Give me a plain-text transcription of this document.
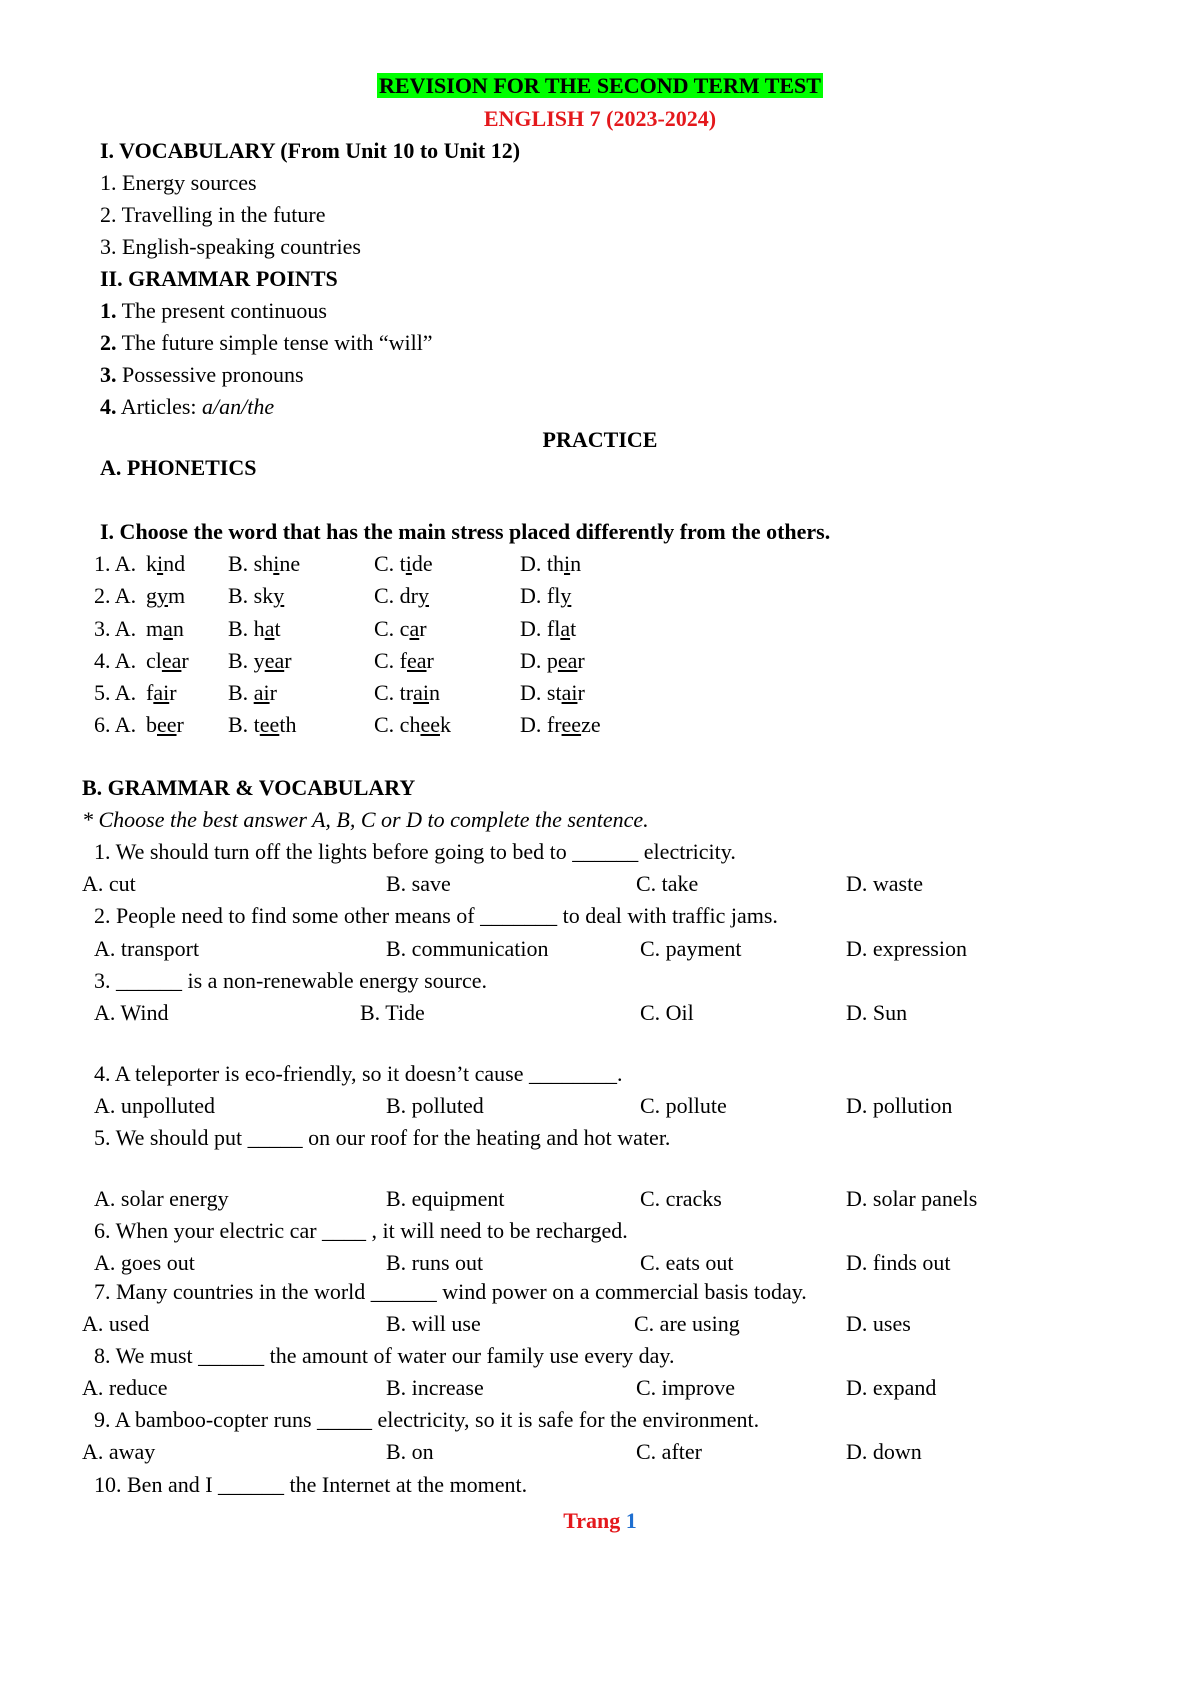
REVISION FOR THE SECOND TERM TEST
ENGLISH 7 (2023-2024)
I. VOCABULARY (From Unit 10 to Unit 12)
1. Energy sources
2. Travelling in the future
3. English-speaking countries
II. GRAMMAR POINTS
1. The present continuous
2. The future simple tense with “will”
3. Possessive pronouns
4. Articles: a/an/the
PRACTICE
A. PHONETICS
I. Choose the word that has the main stress placed differently from the others.
1. A. kind B. shine	C. tide	D. thin
2. A. gym B. sky	C. dry	D. fly
3. A. man B. hat	C. car	D. flat
4. A. clear B. year	C. fear	D. pear
5. A. fair B. air	C. train	D. stair
6. A. beer B. teeth	C. cheek	D. freeze
B. GRAMMAR & VOCABULARY
* Choose the best answer A, B, C or D to complete the sentence.
1. We should turn off the lights before going to bed to ______ electricity.
A. cut	B. save	C. take	D. waste
2. People need to find some other means of _______ to deal with traffic jams.
A. transport	B. communication	C. payment	D. expression
3. ______ is a non-renewable energy source.
A. Wind	B. Tide	C. Oil	D. Sun
4. A teleporter is eco-friendly, so it doesn’t cause ________.
A. unpolluted	B. polluted	C. pollute	D. pollution
5. We should put _____ on our roof for the heating and hot water.
A. solar energy	B. equipment	C. cracks	D. solar panels
6. When your electric car ____ , it will need to be recharged.
A. goes out	B. runs out	C. eats out	D. finds out
7. Many countries in the world ______ wind power on a commercial basis today.
A. used	B. will use	C. are using	D. uses
8. We must ______ the amount of water our family use every day.
A. reduce	B. increase	C. improve	D. expand
9. A bamboo-copter runs _____ electricity, so it is safe for the environment.
A. away	B. on	C. after	D. down
10. Ben and I ______ the Internet at the moment.
Trang 1
